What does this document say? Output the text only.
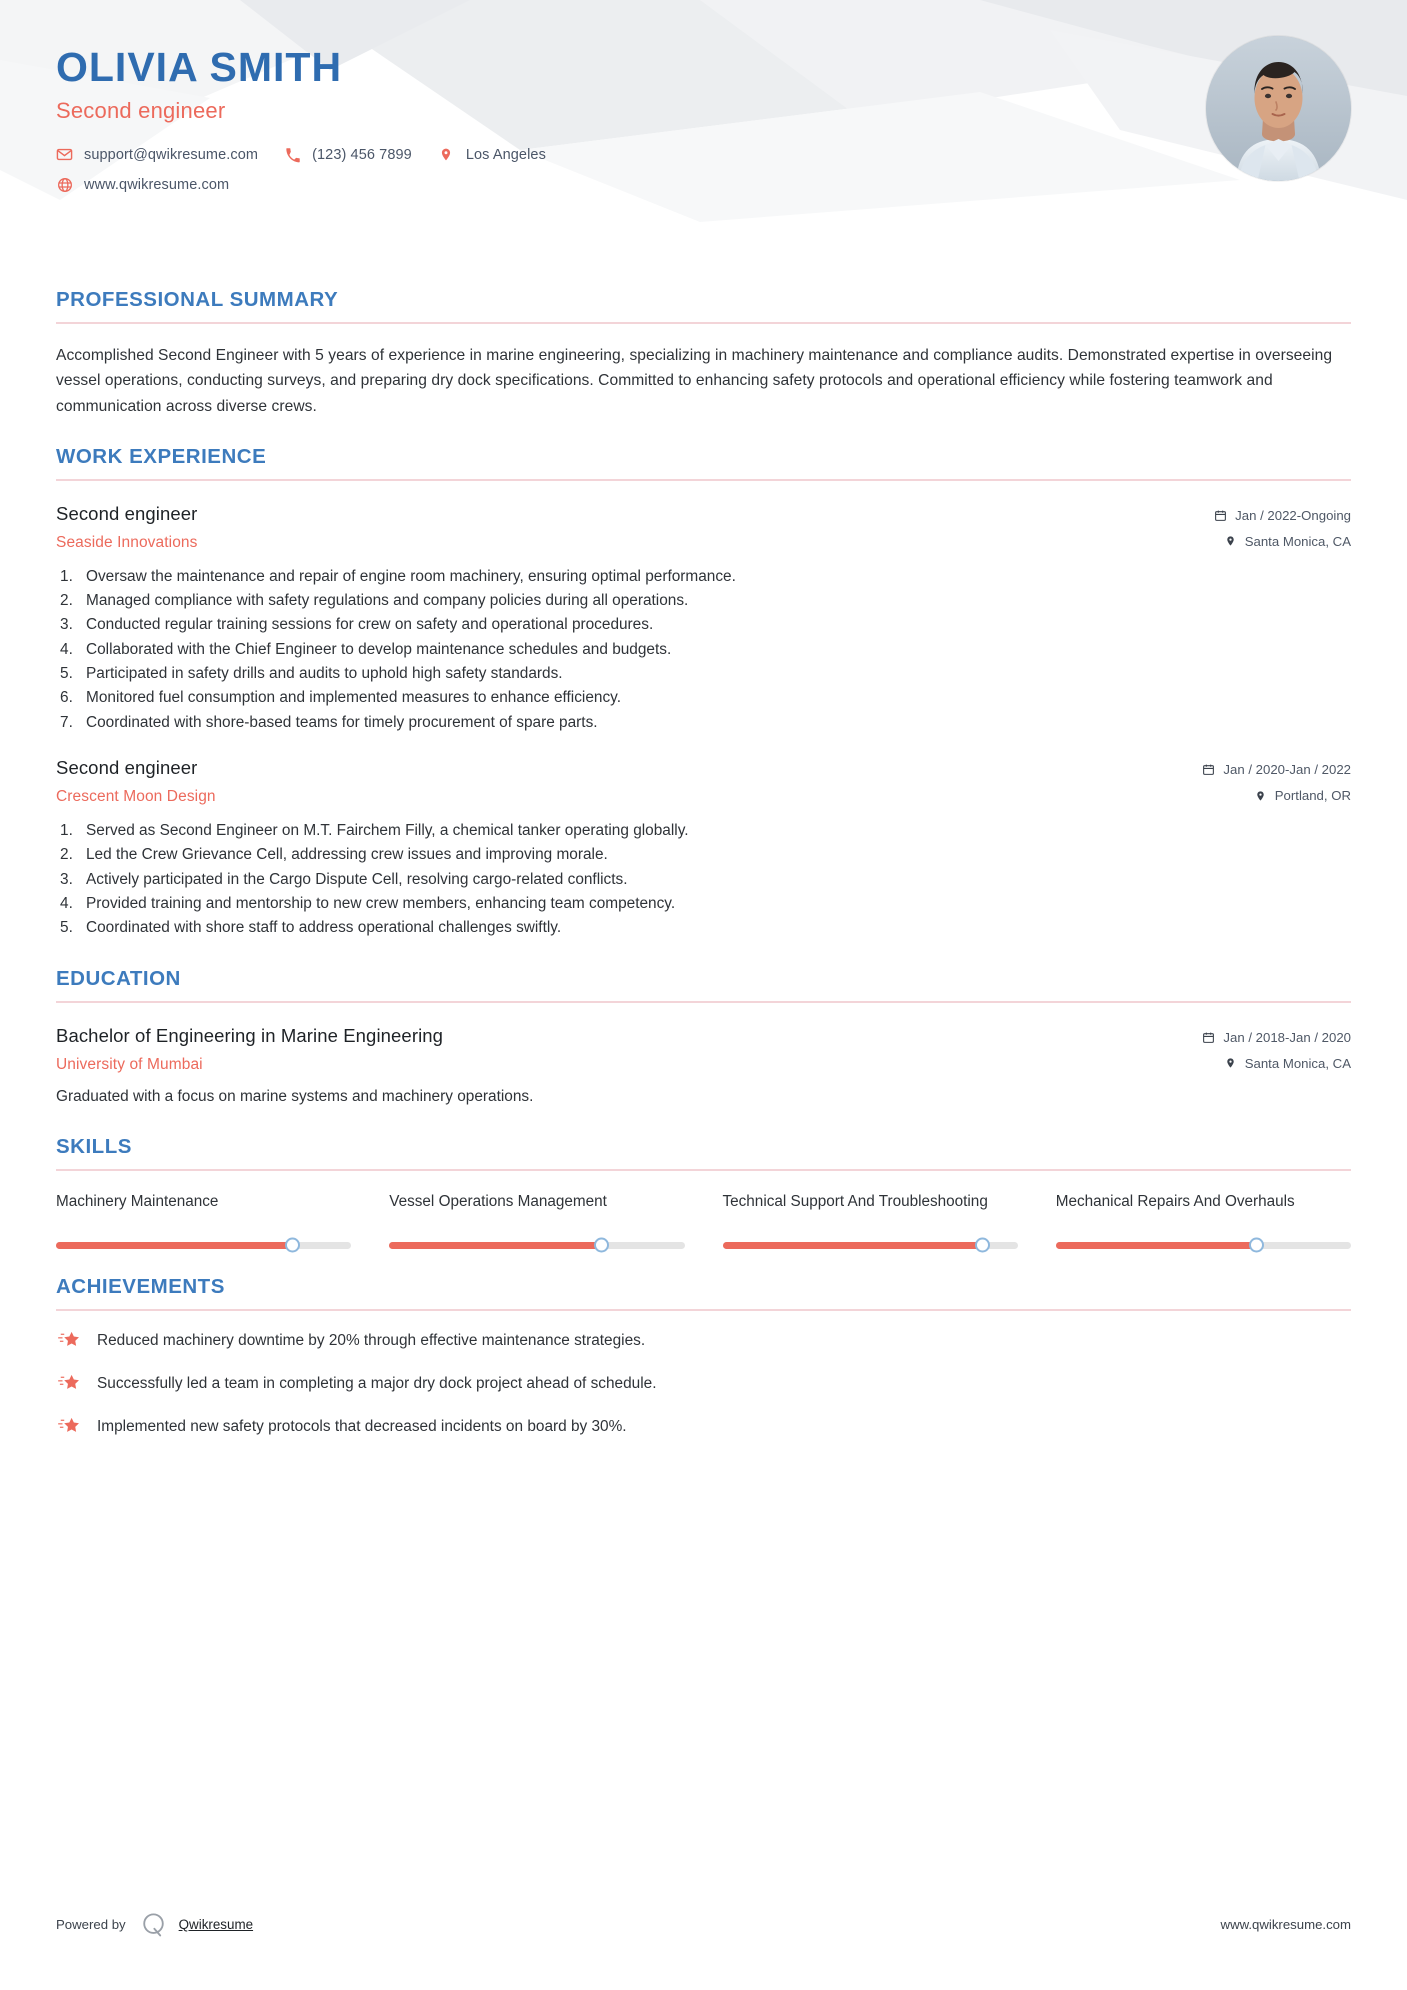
OLIVIA SMITH
Second engineer
support@qwikresume.com	(123) 456 7899	Los Angeles
www.qwikresume.com
PROFESSIONAL SUMMARY
Accomplished Second Engineer with 5 years of experience in marine engineering, specializing in machinery maintenance and compliance audits. Demonstrated expertise in overseeing vessel operations, conducting surveys, and preparing dry dock specifications. Committed to enhancing safety protocols and operational efficiency while fostering teamwork and communication across diverse crews.
WORK EXPERIENCE
Second engineer
Seaside Innovations
Jan / 2022-Ongoing
Santa Monica, CA
Oversaw the maintenance and repair of engine room machinery, ensuring optimal performance.
Managed compliance with safety regulations and company policies during all operations.
Conducted regular training sessions for crew on safety and operational procedures.
Collaborated with the Chief Engineer to develop maintenance schedules and budgets.
Participated in safety drills and audits to uphold high safety standards.
Monitored fuel consumption and implemented measures to enhance efficiency.
Coordinated with shore-based teams for timely procurement of spare parts.
Second engineer
Crescent Moon Design
Jan / 2020-Jan / 2022
Portland, OR
Served as Second Engineer on M.T. Fairchem Filly, a chemical tanker operating globally.
Led the Crew Grievance Cell, addressing crew issues and improving morale.
Actively participated in the Cargo Dispute Cell, resolving cargo-related conflicts.
Provided training and mentorship to new crew members, enhancing team competency.
Coordinated with shore staff to address operational challenges swiftly.
EDUCATION
Bachelor of Engineering in Marine Engineering
University of Mumbai
Jan / 2018-Jan / 2020
Santa Monica, CA
Graduated with a focus on marine systems and machinery operations.
SKILLS
Machinery Maintenance	Vessel Operations Management	Technical Support And Troubleshooting	Mechanical Repairs And Overhauls
ACHIEVEMENTS
Reduced machinery downtime by 20% through effective maintenance strategies.
Successfully led a team in completing a major dry dock project ahead of schedule.
Implemented new safety protocols that decreased incidents on board by 30%.
Powered by	Qwikresume	www.qwikresume.com
